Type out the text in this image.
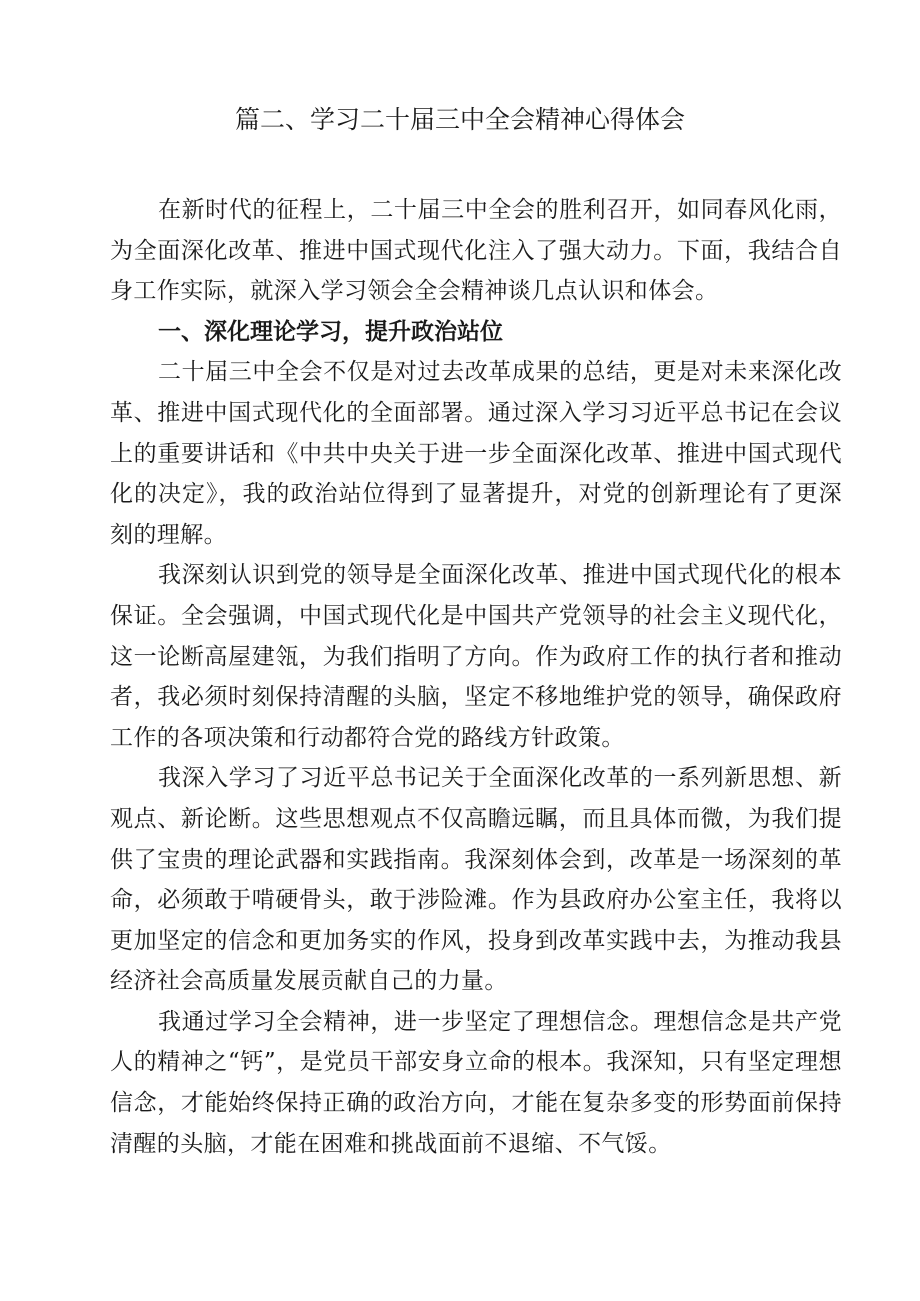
篇二、学习二十届三中全会精神心得体会

在新时代的征程上，二十届三中全会的胜利召开，如同春风化雨，为全面深化改革、推进中国式现代化注入了强大动力。下面，我结合自身工作实际，就深入学习领会全会精神谈几点认识和体会。

一、深化理论学习，提升政治站位

二十届三中全会不仅是对过去改革成果的总结，更是对未来深化改革、推进中国式现代化的全面部署。通过深入学习习近平总书记在会议上的重要讲话和《中共中央关于进一步全面深化改革、推进中国式现代化的决定》，我的政治站位得到了显著提升，对党的创新理论有了更深刻的理解。

我深刻认识到党的领导是全面深化改革、推进中国式现代化的根本保证。全会强调，中国式现代化是中国共产党领导的社会主义现代化，这一论断高屋建瓴，为我们指明了方向。作为政府工作的执行者和推动者，我必须时刻保持清醒的头脑，坚定不移地维护党的领导，确保政府工作的各项决策和行动都符合党的路线方针政策。

我深入学习了习近平总书记关于全面深化改革的一系列新思想、新观点、新论断。这些思想观点不仅高瞻远瞩，而且具体而微，为我们提供了宝贵的理论武器和实践指南。我深刻体会到，改革是一场深刻的革命，必须敢于啃硬骨头，敢于涉险滩。作为县政府办公室主任，我将以更加坚定的信念和更加务实的作风，投身到改革实践中去，为推动我县经济社会高质量发展贡献自己的力量。

我通过学习全会精神，进一步坚定了理想信念。理想信念是共产党人的精神之“钙”，是党员干部安身立命的根本。我深知，只有坚定理想信念，才能始终保持正确的政治方向，才能在复杂多变的形势面前保持清醒的头脑，才能在困难和挑战面前不退缩、不气馁。
